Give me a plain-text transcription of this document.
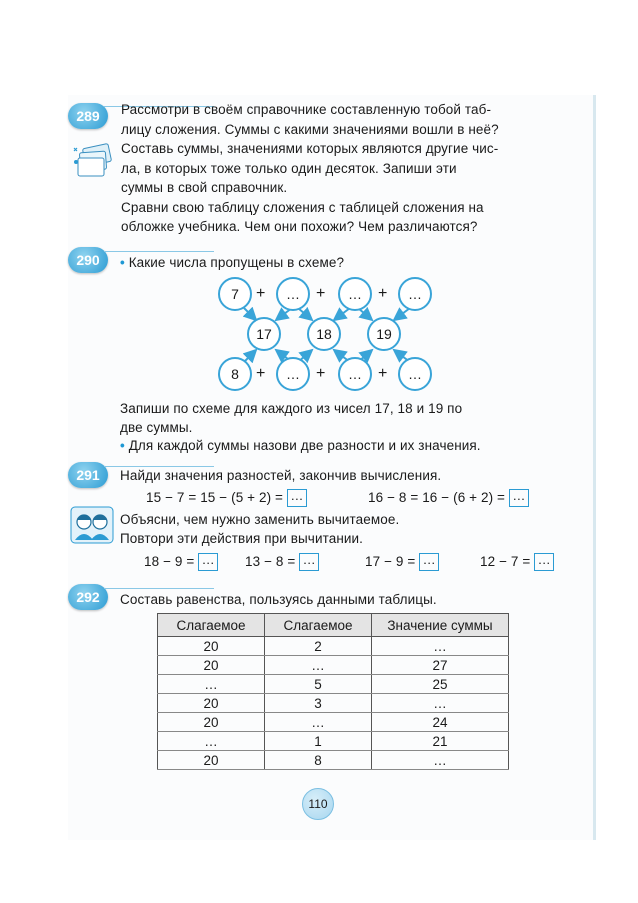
289	Рассмотри в своём справочнике составленную тобой таб-
лицу сложения. Суммы с какими значениями вошли в неё?
Составь суммы, значениями которых являются другие чис-
ла, в которых тоже только один десяток. Запиши эти
суммы в свой справочник.
Сравни свою таблицу сложения с таблицей сложения на
обложке учебника. Чем они похожи? Чем различаются?
290	• Какие числа пропущены в схеме?
7	+	…	+	…	+	…
17	18	19
8	+	…	+	…	+	…
Запиши по схеме для каждого из чисел 17, 18 и 19 по
две суммы.
• Для каждой суммы назови две разности и их значения.
291	Найди значения разностей, закончив вычисления.
15 − 7 = 15 − (5 + 2) = …	16 − 8 = 16 − (6 + 2) = …
Объясни, чем нужно заменить вычитаемое.
Повтори эти действия при вычитании.
18 − 9 = … 13 − 8 = …	17 − 9 = …	12 − 7 = …
292	Составь равенства, пользуясь данными таблицы.
Слагаемое	Слагаемое	Значение суммы
20	2	…
20	…	27
…	5	25
20	3	…
20	…	24
…	1	21
20	8	…
110
